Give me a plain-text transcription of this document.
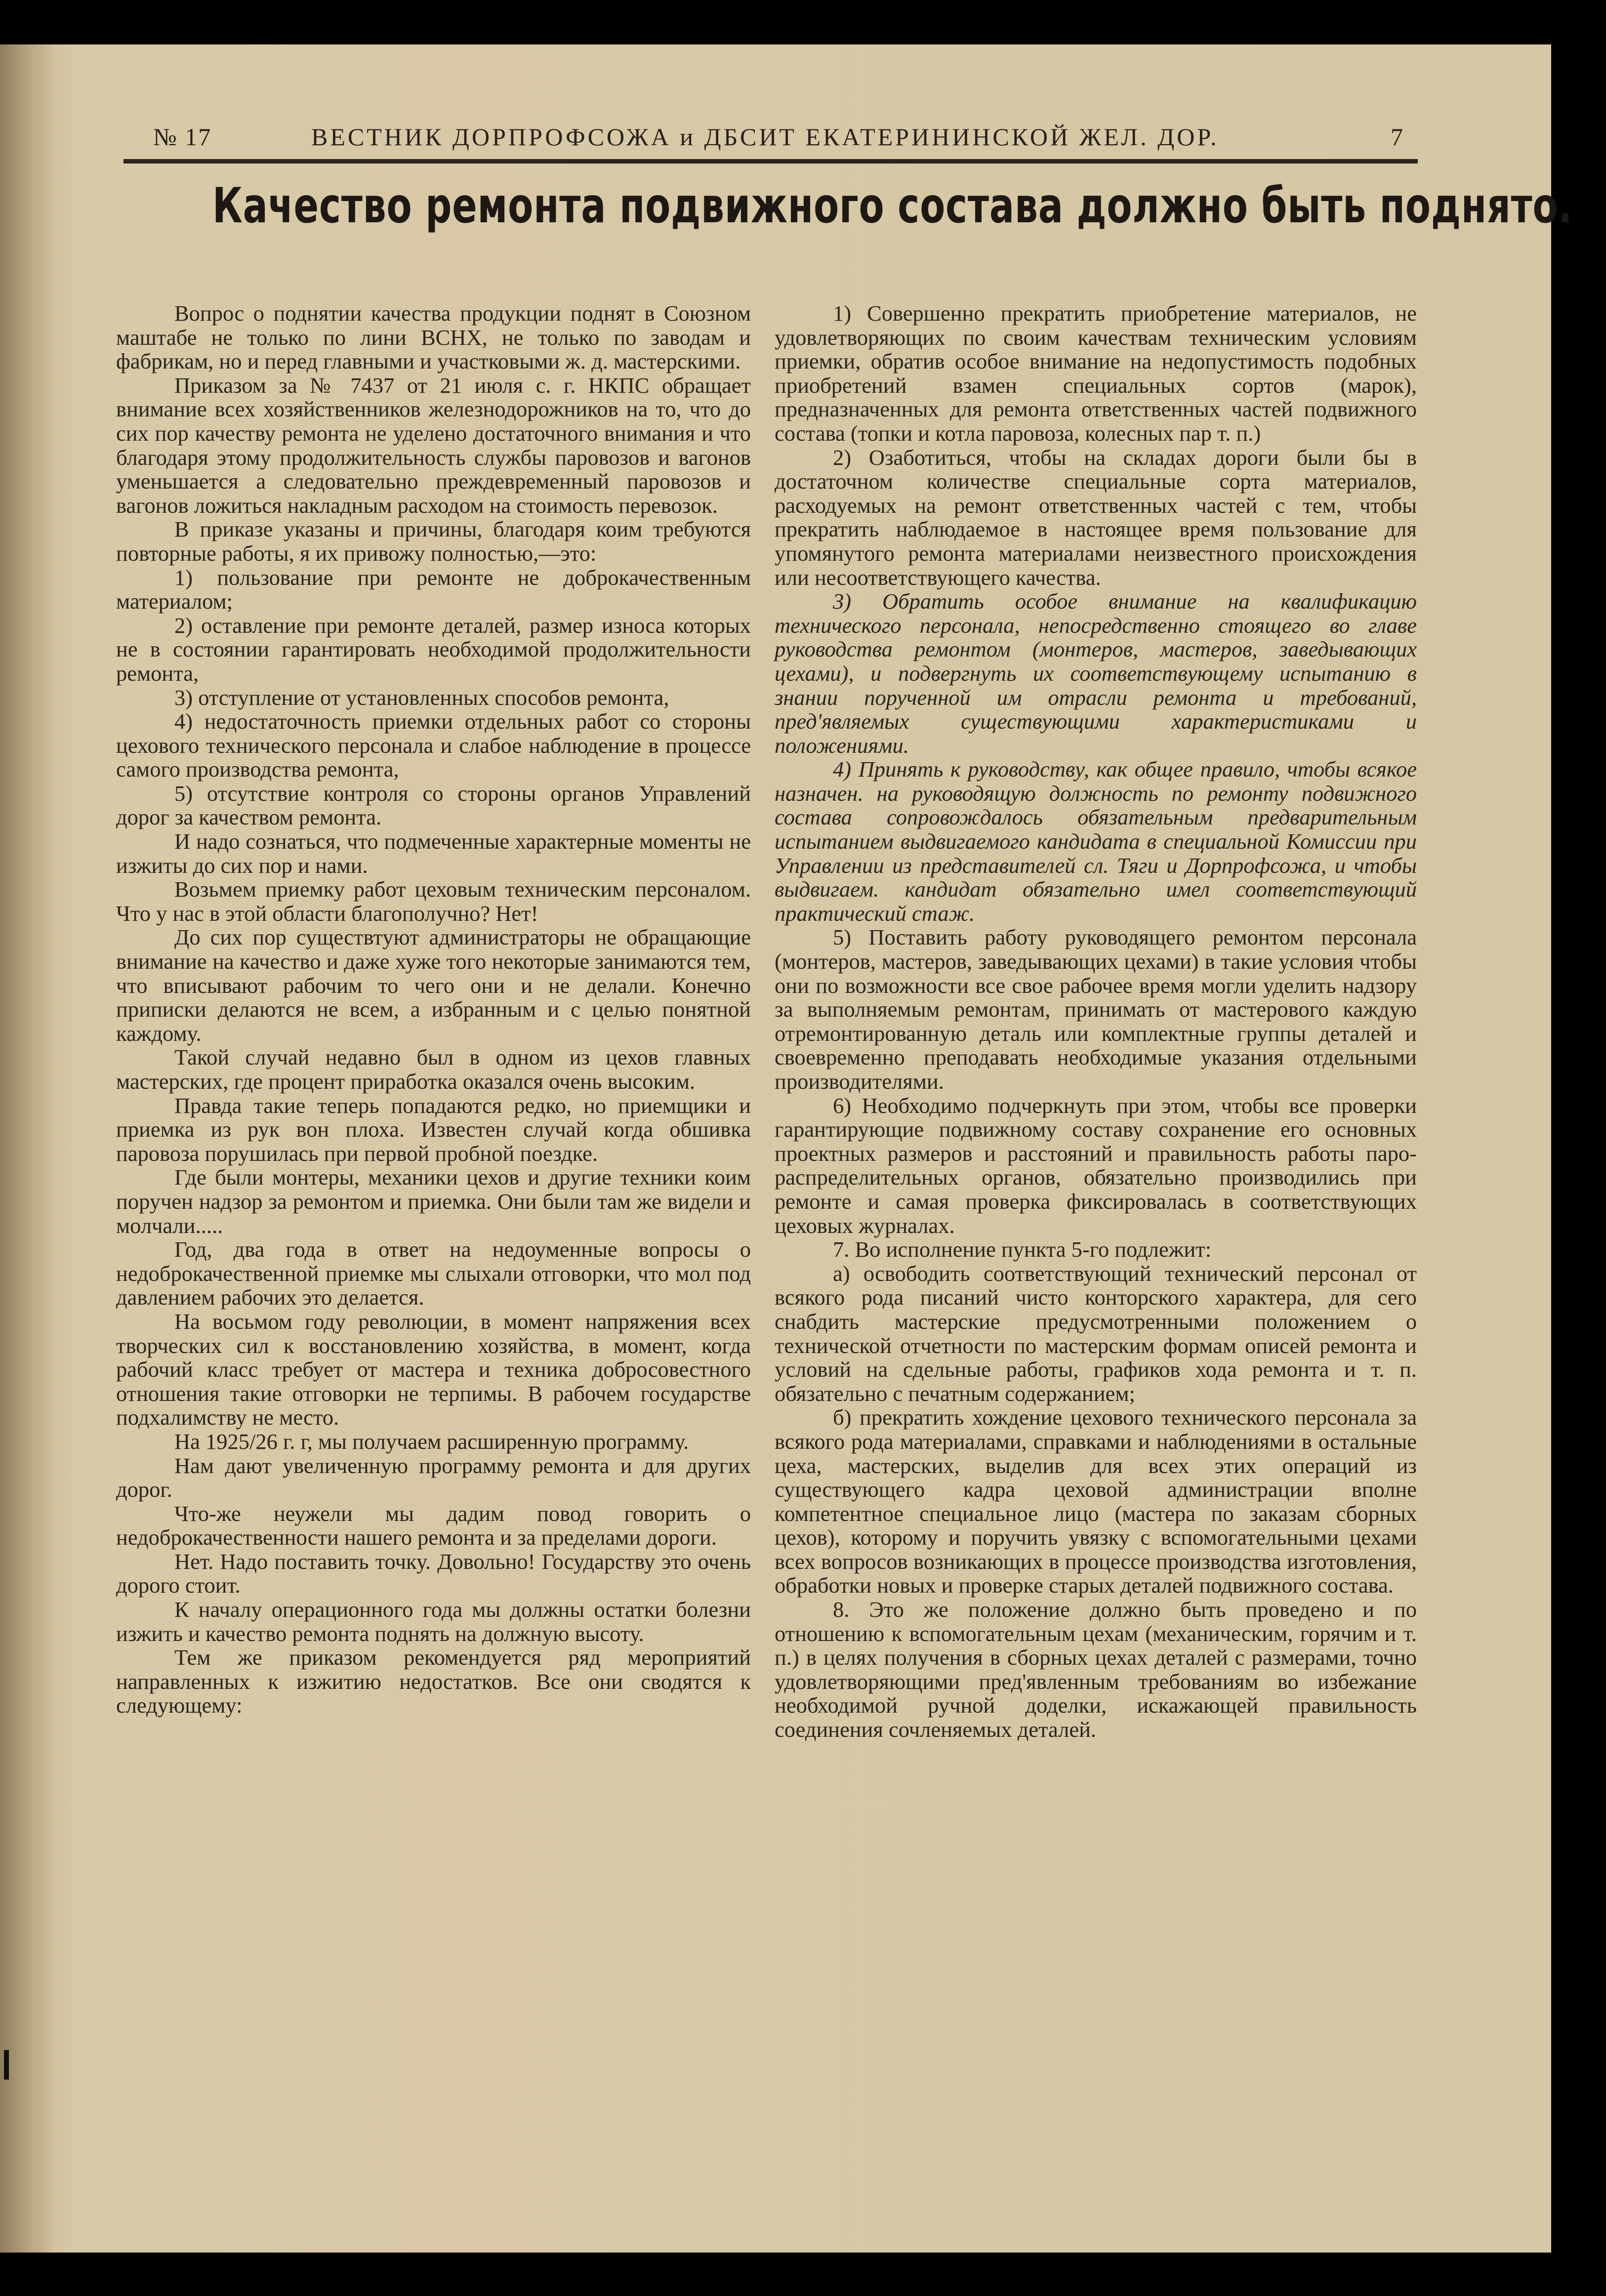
№ 17	ВЕСТНИК ДОРПРОФСОЖА и ДБСИТ ЕКАТЕРИНИНСКОЙ ЖЕЛ. ДОР.	7
Качество ремонта подвижного состава должно быть поднято.

Вопрос о поднятии качества продукции поднят в Союзном маштабе не только по лини ВСНХ, не только по заводам и фабрикам, но и перед главными и участковыми ж. д. мастерскими.

Приказом за № 7437 от 21 июля с. г. НКПС обращает внимание всех хозяйственников железнодорожников на то, что до сих пор качеству ремонта не уделено достаточного внимания и что благодаря этому продолжительность службы паровозов и вагонов уменьшается а следовательно преждевременный паровозов и вагонов ложиться накладным расходом на стоимость перевозок.

В приказе указаны и причины, благодаря коим требуются повторные работы, я их привожу полностью,—это:

1) пользование при ремонте не доброкачественным материалом;

2) оставление при ремонте деталей, размер износа которых не в состоянии гарантировать необходимой продолжительности ремонта,

3) отступление от установленных способов ремонта,

4) недостаточность приемки отдельных работ со стороны цехового технического персонала и слабое наблюдение в процессе самого производства ремонта,

5) отсутствие контроля со стороны органов Управлений дорог за качеством ремонта.

И надо сознаться, что подмеченные характерные моменты не изжиты до сих пор и нами.

Возьмем приемку работ цеховым техническим персоналом. Что у нас в этой области благополучно? Нет!

До сих пор существтуют администраторы не обращающие внимание на качество и даже хуже того некоторые занимаются тем, что вписывают рабочим то чего они и не делали. Конечно приписки делаются не всем, а избранным и с целью понятной каждому.

Такой случай недавно был в одном из цехов главных мастерских, где процент приработка оказался очень высоким.

Правда такие теперь попадаются редко, но приемщики и приемка из рук вон плоха. Известен случай когда обшивка паровоза порушилась при первой пробной поездке.

Где были монтеры, механики цехов и другие техники коим поручен надзор за ремонтом и приемка. Они были там же видели и молчали.....

Год, два года в ответ на недоуменные вопросы о недоброкачественной приемке мы слыхали отговорки, что мол под давлением рабочих это делается.

На восьмом году революции, в момент напряжения всех творческих сил к восстановлению хозяйства, в момент, когда рабочий класс требует от мастера и техника добросовестного отношения такие отговорки не терпимы. В рабочем государстве подхалимству не место.

На 1925/26 г. г, мы получаем расширенную программу.

Нам дают увеличенную программу ремонта и для других дорог.

Что-же неужели мы дадим повод говорить о недоброкачественности нашего ремонта и за пределами дороги.

Нет. Надо поставить точку. Довольно! Государству это очень дорого стоит.

К началу операционного года мы должны остатки болезни изжить и качество ремонта поднять на должную высоту.

Тем же приказом рекомендуется ряд мероприятий направленных к изжитию недостатков. Все они сводятся к следующему:

1) Совершенно прекратить приобретение материалов, не удовлетворяющих по своим качествам техническим условиям приемки, обратив особое внимание на недопустимость подобных приобретений взамен специальных сортов (марок), предназначенных для ремонта ответственных частей подвижного состава (топки и котла паровоза, колесных пар т. п.)

2) Озаботиться, чтобы на складах дороги были бы в достаточном количестве специальные сорта материалов, расходуемых на ремонт ответственных частей с тем, чтобы прекратить наблюдаемое в настоящее время пользование для упомянутого ремонта материалами неизвестного происхождения или несоответствующего качества.

3) Обратить особое внимание на квалификацию технического персонала, непосредственно стоящего во главе руководства ремонтом (монтеров, мастеров, заведывающих цехами), и подвергнуть их соответствующему испытанию в знании порученной им отрасли ремонта и требований, пред'являемых существующими характеристиками и положениями.

4) Принять к руководству, как общее правило, чтобы всякое назначен. на руководящую должность по ремонту подвижного состава сопровождалось обязательным предварительным испытанием выдвигаемого кандидата в специальной Комиссии при Управлении из представителей сл. Тяги и Дорпрофсожа, и чтобы выдвигаем. кандидат обязательно имел соответствующий практический стаж.

5) Поставить работу руководящего ремонтом персонала (монтеров, мастеров, заведывающих цехами) в такие условия чтобы они по возможности все свое рабочее время могли уделить надзору за выполняемым ремонтам, принимать от мастерового каждую отремонтированную деталь или комплектные группы деталей и своевременно преподавать необходимые указания отдельными производителями.

6) Необходимо подчеркнуть при этом, чтобы все проверки гарантирующие подвижному составу сохранение его основных проектных размеров и расстояний и правильность работы паро-распределительных органов, обязательно производились при ремонте и самая проверка фиксировалась в соответствующих цеховых журналах.

7. Во исполнение пункта 5-го подлежит:

а) освободить соответствующий технический персонал от всякого рода писаний чисто конторского характера, для сего снабдить мастерские предусмотренными положением о технической отчетности по мастерским формам описей ремонта и условий на сдельные работы, графиков хода ремонта и т. п. обязательно с печатным содержанием;

б) прекратить хождение цехового технического персонала за всякого рода материалами, справками и наблюдениями в остальные цеха, мастерских, выделив для всех этих операций из существующего кадра цеховой администрации вполне компетентное специальное лицо (мастера по заказам сборных цехов), которому и поручить увязку с вспомогательными цехами всех вопросов возникающих в процессе производства изготовления, обработки новых и проверке старых деталей подвижного состава.

8. Это же положение должно быть проведено и по отношению к вспомогательным цехам (механическим, горячим и т. п.) в целях получения в сборных цехах деталей с размерами, точно удовлетворяющими пред'явленным требованиям во избежание необходимой ручной доделки, искажающей правильность соединения сочленяемых деталей.
